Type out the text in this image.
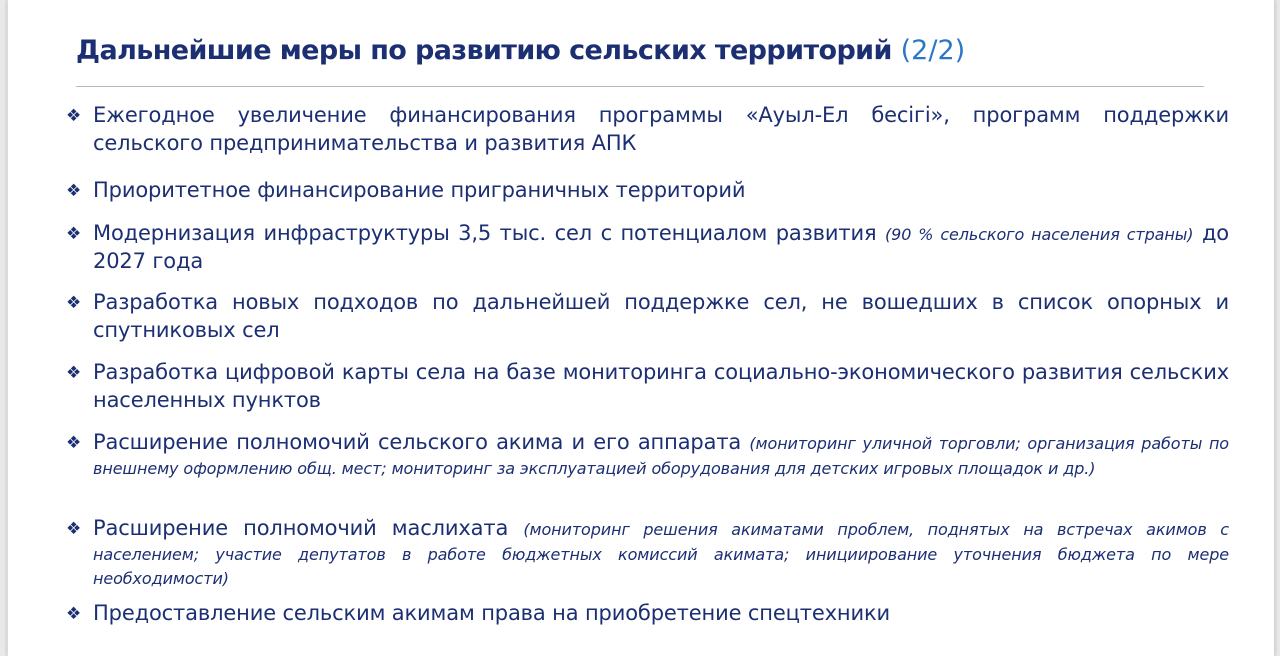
Дальнейшие меры по развитию сельских территорий (2/2)
❖ Ежегодное увеличение финансирования программы «Ауыл-Ел бесігі», программ поддержки сельского предпринимательства и развития АПК
❖ Приоритетное финансирование приграничных территорий
❖ Модернизация инфраструктуры 3,5 тыс. сел с потенциалом развития (90 % сельского населения страны) до 2027 года
❖ Разработка новых подходов по дальнейшей поддержке сел, не вошедших в список опорных и спутниковых сел
❖ Разработка цифровой карты села на базе мониторинга социально-экономического развития сельских населенных пунктов
❖ Расширение полномочий сельского акима и его аппарата (мониторинг уличной торговли; организация работы по внешнему оформлению общ. мест; мониторинг за эксплуатацией оборудования для детских игровых площадок и др.)
❖ Расширение полномочий маслихата (мониторинг решения акиматами проблем, поднятых на встречах акимов с населением; участие депутатов в работе бюджетных комиссий акимата; инициирование уточнения бюджета по мере необходимости)
❖ Предоставление сельским акимам права на приобретение спецтехники
